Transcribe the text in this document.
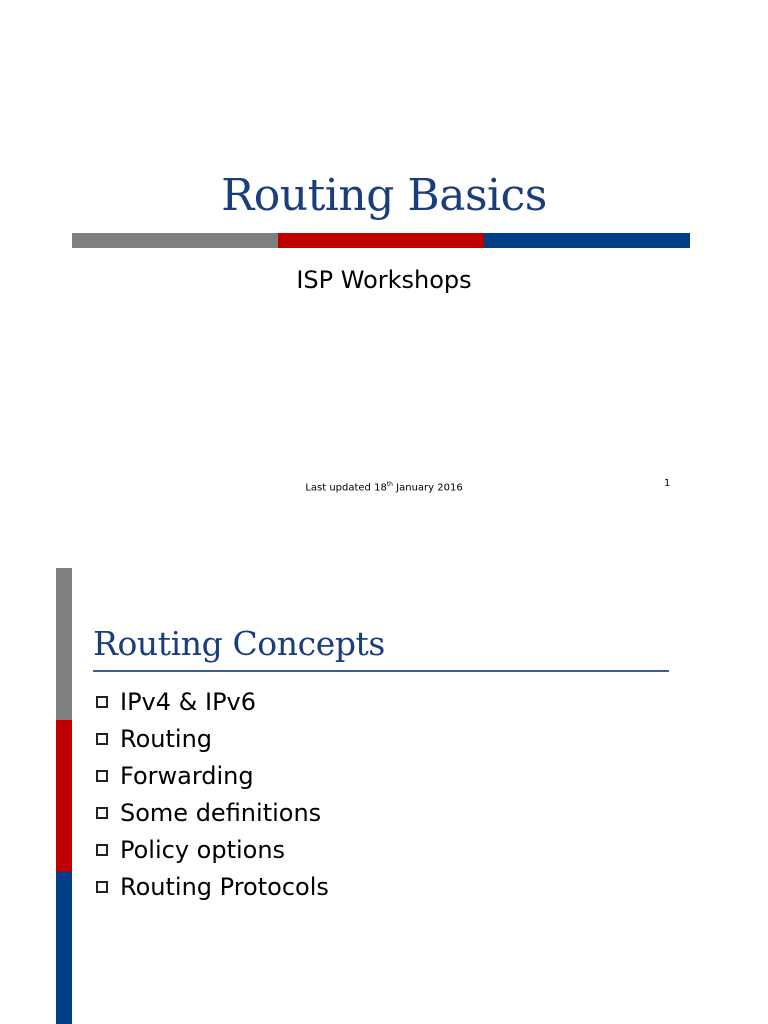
Routing Basics
ISP Workshops
Last updated 18th January 2016	1
Routing Concepts
IPv4 & IPv6
Routing
Forwarding
Some definitions
Policy options
Routing Protocols
